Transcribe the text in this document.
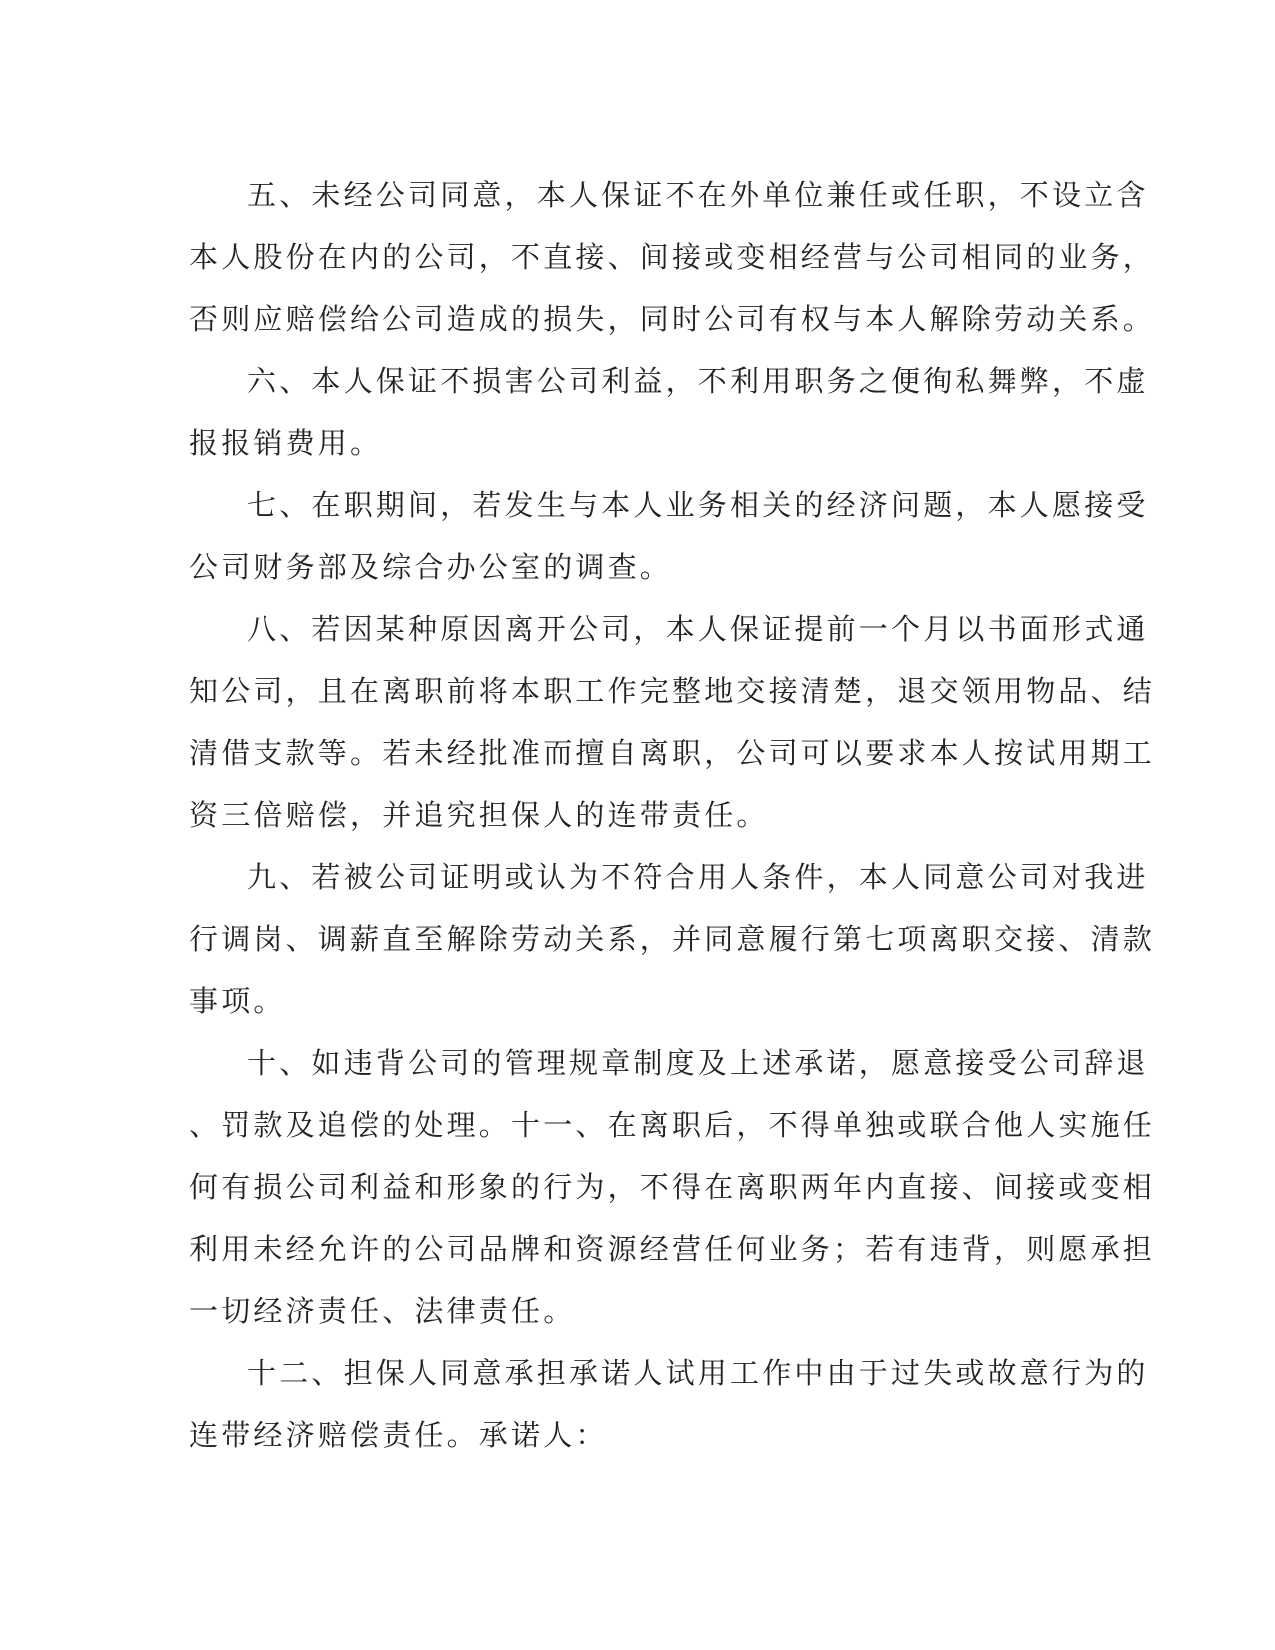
五、未经公司同意，本人保证不在外单位兼任或任职，不设立含
本人股份在内的公司，不直接、间接或变相经营与公司相同的业务，
否则应赔偿给公司造成的损失，同时公司有权与本人解除劳动关系。

六、本人保证不损害公司利益，不利用职务之便徇私舞弊，不虚
报报销费用。

七、在职期间，若发生与本人业务相关的经济问题，本人愿接受
公司财务部及综合办公室的调查。

八、若因某种原因离开公司，本人保证提前一个月以书面形式通
知公司，且在离职前将本职工作完整地交接清楚，退交领用物品、结
清借支款等。若未经批准而擅自离职，公司可以要求本人按试用期工
资三倍赔偿，并追究担保人的连带责任。

九、若被公司证明或认为不符合用人条件，本人同意公司对我进
行调岗、调薪直至解除劳动关系，并同意履行第七项离职交接、清款
事项。

十、如违背公司的管理规章制度及上述承诺，愿意接受公司辞退
、罚款及追偿的处理。十一、在离职后，不得单独或联合他人实施任
何有损公司利益和形象的行为，不得在离职两年内直接、间接或变相
利用未经允许的公司品牌和资源经营任何业务；若有违背，则愿承担
一切经济责任、法律责任。

十二、担保人同意承担承诺人试用工作中由于过失或故意行为的
连带经济赔偿责任。承诺人：
